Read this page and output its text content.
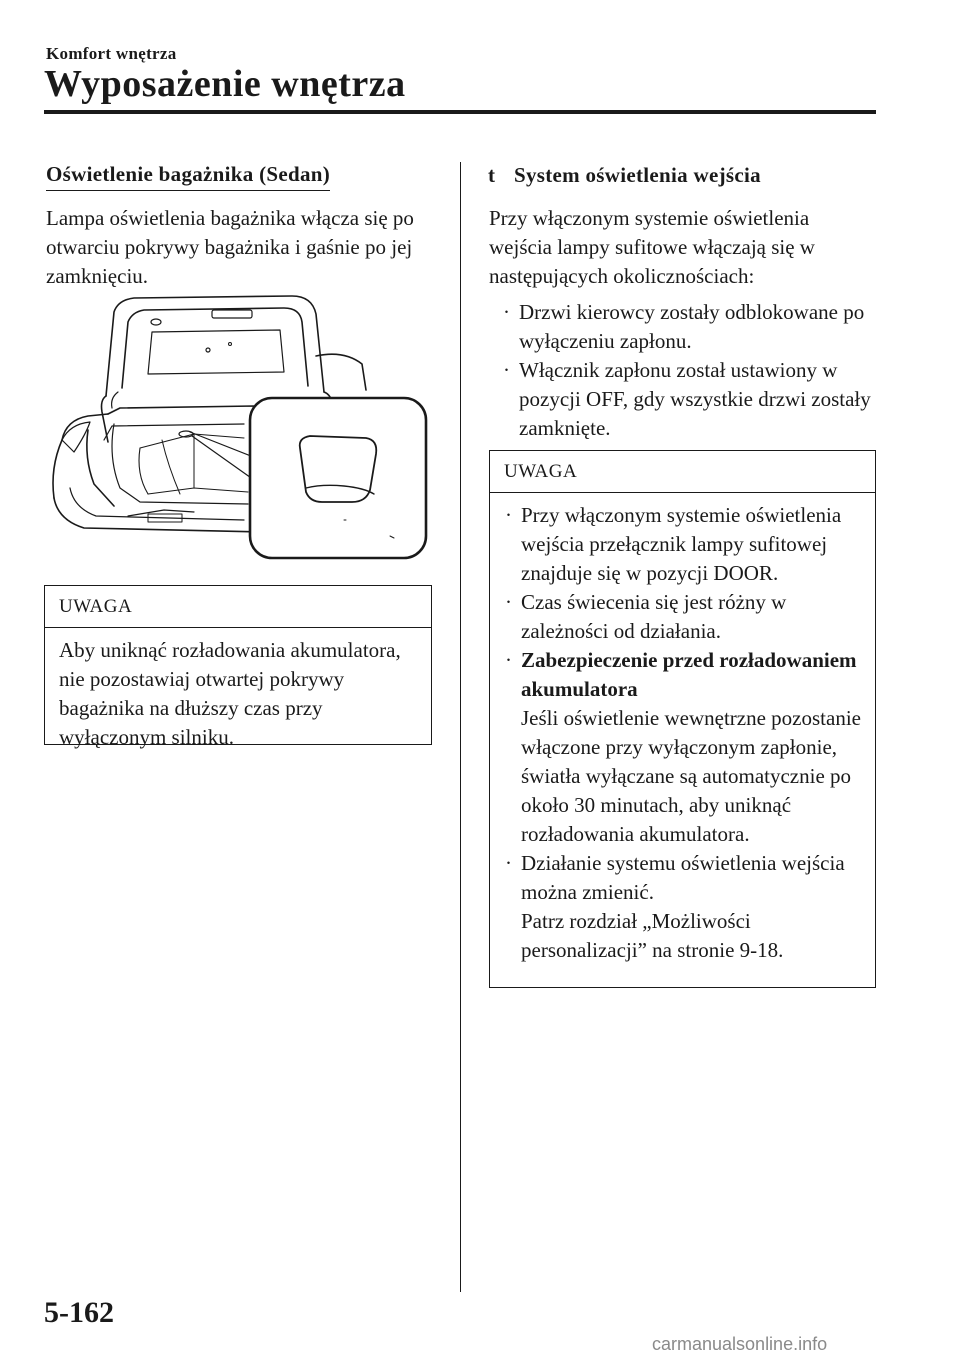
Komfort wnętrza
Wyposażenie wnętrza
Oświetlenie bagażnika (Sedan)
Lampa oświetlenia bagażnika włącza się po otwarciu pokrywy bagażnika i gaśnie po jej zamknięciu.
UWAGA
Aby uniknąć rozładowania akumulatora, nie pozostawiaj otwartej pokrywy bagażnika na dłuższy czas przy wyłączonym silniku.
t System oświetlenia wejścia
Przy włączonym systemie oświetlenia wejścia lampy sufitowe włączają się w następujących okolicznościach:
· Drzwi kierowcy zostały odblokowane po wyłączeniu zapłonu.
· Włącznik zapłonu został ustawiony w pozycji OFF, gdy wszystkie drzwi zostały zamknięte.
UWAGA
· Przy włączonym systemie oświetlenia wejścia przełącznik lampy sufitowej znajduje się w pozycji DOOR.
· Czas świecenia się jest różny w zależności od działania.
· Zabezpieczenie przed rozładowaniem akumulatora
Jeśli oświetlenie wewnętrzne pozostanie włączone przy wyłączonym zapłonie, światła wyłączane są automatycznie po około 30 minutach, aby uniknąć rozładowania akumulatora.
· Działanie systemu oświetlenia wejścia można zmienić.
Patrz rozdział „Możliwości personalizacji” na stronie 9-18.
5-162
carmanualsonline.info
